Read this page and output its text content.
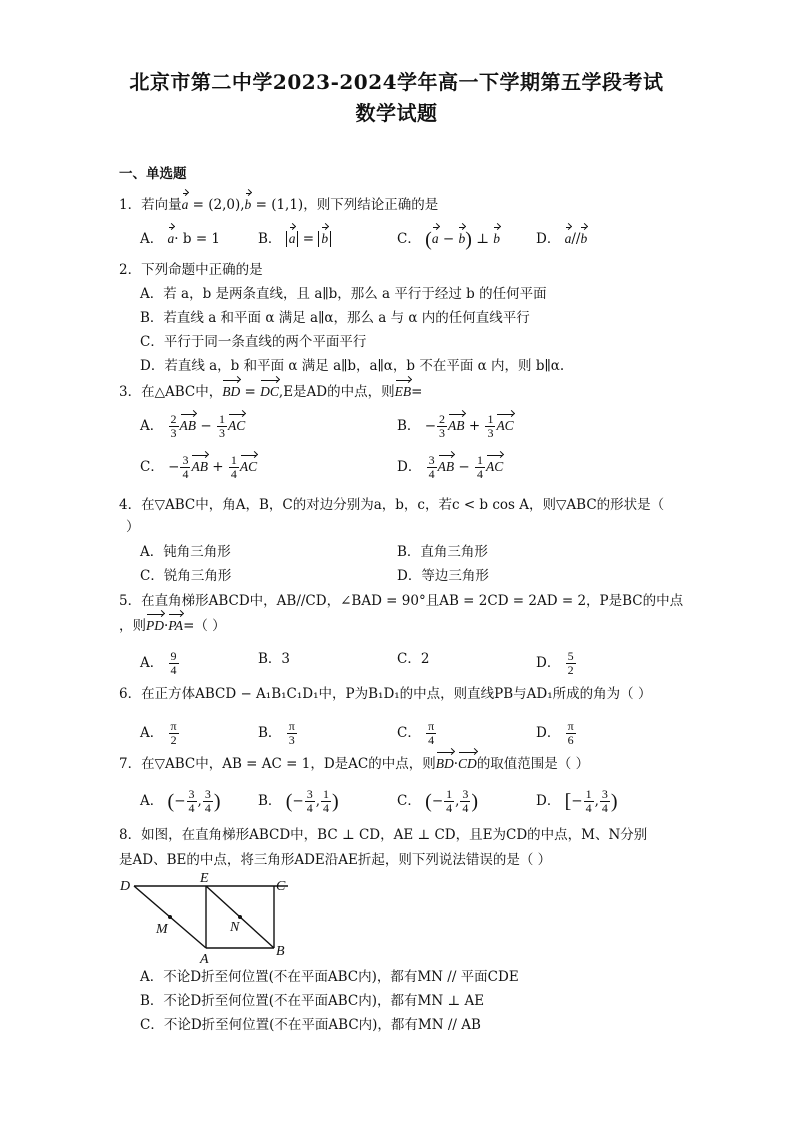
北京市第二中学2023-2024学年高一下学期第五学段考试
数学试题
一、单选题
1．若向量a = (2,0),b = (1,1)，则下列结论正确的是
A． a· b = 1	B． a = b	C． (a − b) ⊥ b	D． a//b
2．下列命题中正确的是
A．若 a，b 是两条直线，且 a∥b，那么 a 平行于经过 b 的任何平面
B．若直线 a 和平面 α 满足 a∥α，那么 a 与 α 内的任何直线平行
C．平行于同一条直线的两个平面平行
D．若直线 a，b 和平面 α 满足 a∥b，a∥α，b 不在平面 α 内，则 b∥α.
3．在△ABC中，BD = DC,E是AD的中点，则EB=
A． $\frac{2}{3}$ AB − $\frac{1}{3}$ AC	B． − $\frac{2}{3}$ AB + $\frac{1}{3}$ AC
C． − $\frac{3}{4}$ AB + $\frac{1}{4}$ AC	D． $\frac{3}{4}$ AB − $\frac{1}{4}$ AC
4．在▽ABC中，角A，B，C的对边分别为a，b，c，若c < b cos A，则▽ABC的形状是（
）
A．钝角三角形	B．直角三角形
C．锐角三角形	D．等边三角形
5．在直角梯形ABCD中，AB//CD，∠BAD = 90°且AB = 2CD = 2AD = 2，P是BC的中点
，则PD·PA=（ ）
A． $\frac{9}{4}$	B．3	C．2	D． $\frac{5}{2}$
6．在正方体ABCD − A₁B₁C₁D₁中，P为B₁D₁的中点，则直线PB与AD₁所成的角为（ ）
A． $\frac{\pi}{2}$	B． $\frac{\pi}{3}$	C． $\frac{\pi}{4}$	D． $\frac{\pi}{6}$
7．在▽ABC中，AB = AC = 1，D是AC的中点，则BD·CD的取值范围是（ ）
A． (− $\frac{3}{4}$ , $\frac{3}{4}$ )	B． (− $\frac{3}{4}$ , $\frac{1}{4}$ )	C． (− $\frac{1}{4}$ , $\frac{3}{4}$ )	D． [− $\frac{1}{4}$ , $\frac{3}{4}$ )
8．如图，在直角梯形ABCD中，BC ⊥ CD，AE ⊥ CD，且E为CD的中点，M、N分别
是AD、BE的中点，将三角形ADE沿AE折起，则下列说法错误的是（ ）
D
E
C
M	N
A
B
A．不论D折至何位置(不在平面ABC内)，都有MN // 平面CDE
B．不论D折至何位置(不在平面ABC内)，都有MN ⊥ AE
C．不论D折至何位置(不在平面ABC内)，都有MN // AB
